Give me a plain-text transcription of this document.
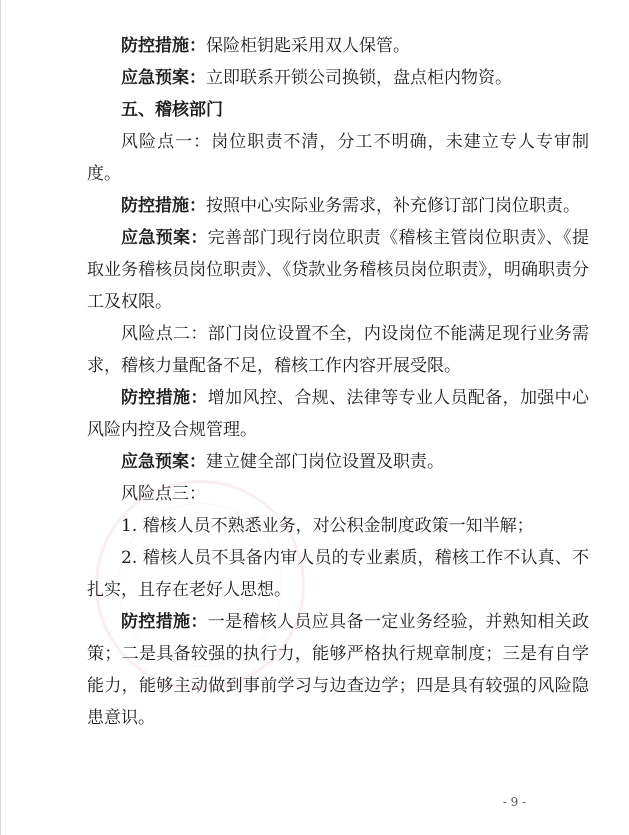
防控措施：保险柜钥匙采用双人保管。

应急预案：立即联系开锁公司换锁，盘点柜内物资。

五、稽核部门

风险点一：岗位职责不清，分工不明确，未建立专人专审制度。

防控措施：按照中心实际业务需求，补充修订部门岗位职责。

应急预案：完善部门现行岗位职责《稽核主管岗位职责》、《提取业务稽核员岗位职责》、《贷款业务稽核员岗位职责》，明确职责分工及权限。

风险点二：部门岗位设置不全，内设岗位不能满足现行业务需求，稽核力量配备不足，稽核工作内容开展受限。

防控措施：增加风控、合规、法律等专业人员配备，加强中心风险内控及合规管理。

应急预案：建立健全部门岗位设置及职责。

风险点三：

1. 稽核人员不熟悉业务，对公积金制度政策一知半解；

2. 稽核人员不具备内审人员的专业素质，稽核工作不认真、不扎实，且存在老好人思想。

防控措施：一是稽核人员应具备一定业务经验，并熟知相关政策；二是具备较强的执行力，能够严格执行规章制度；三是有自学能力，能够主动做到事前学习与边查边学；四是具有较强的风险隐患意识。

- 9 -
